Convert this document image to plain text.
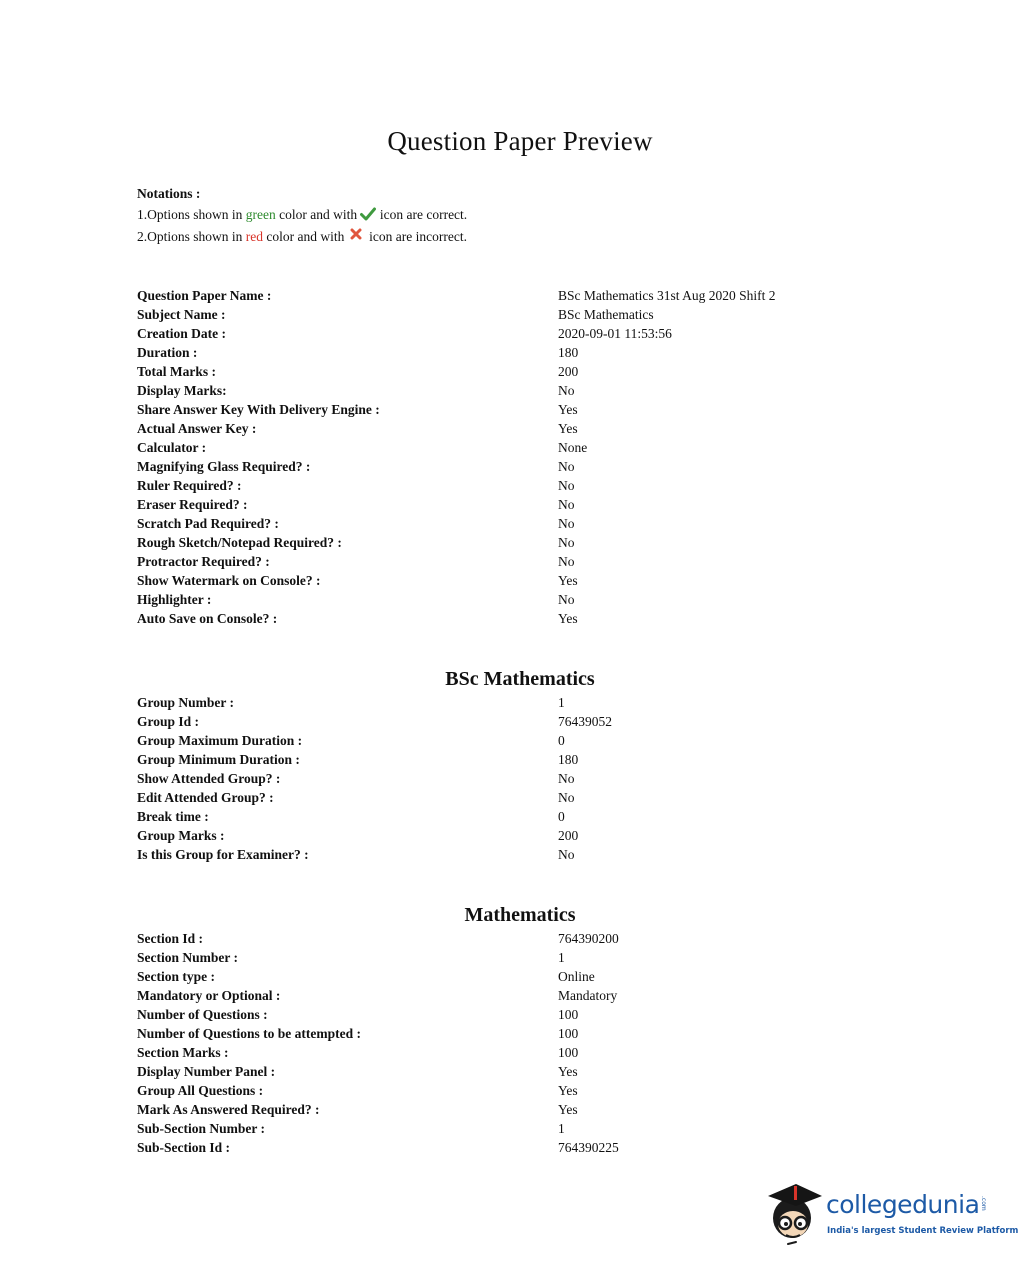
Question Paper Preview
Notations :
1.Options shown in green color and with  icon are correct.
2.Options shown in red color and with  icon are incorrect.
Question Paper Name :	BSc Mathematics 31st Aug 2020 Shift 2
Subject Name :	BSc Mathematics
Creation Date :	2020-09-01 11:53:56
Duration :	180
Total Marks :	200
Display Marks:	No
Share Answer Key With Delivery Engine :	Yes
Actual Answer Key :	Yes
Calculator :	None
Magnifying Glass Required? :	No
Ruler Required? :	No
Eraser Required? :	No
Scratch Pad Required? :	No
Rough Sketch/Notepad Required? :	No
Protractor Required? :	No
Show Watermark on Console? :	Yes
Highlighter :	No
Auto Save on Console? :	Yes
BSc Mathematics
Group Number :	1
Group Id :	76439052
Group Maximum Duration :	0
Group Minimum Duration :	180
Show Attended Group? :	No
Edit Attended Group? :	No
Break time :	0
Group Marks :	200
Is this Group for Examiner? :	No
Mathematics
Section Id :	764390200
Section Number :	1
Section type :	Online
Mandatory or Optional :	Mandatory
Number of Questions :	100
Number of Questions to be attempted :	100
Section Marks :	100
Display Number Panel :	Yes
Group All Questions :	Yes
Mark As Answered Required? :	Yes
Sub-Section Number :	1
Sub-Section Id :	764390225
collegedunia .com
India's largest Student Review Platform
